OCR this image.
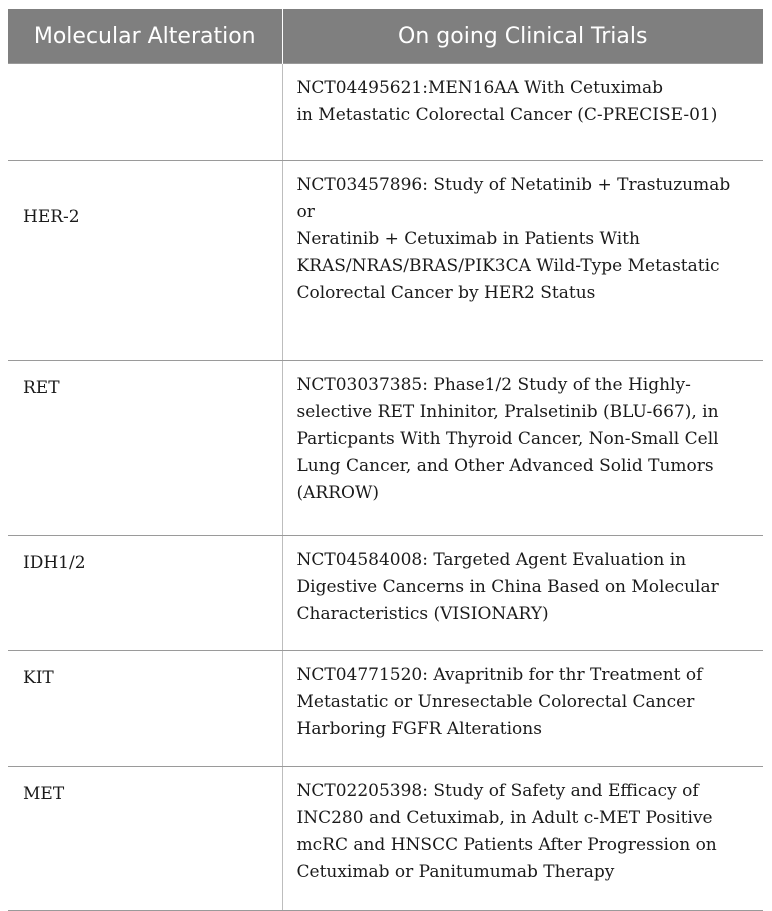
Molecular Alteration	On going Clinical Trials

	NCT04495621:MEN16AA With Cetuximab
in Metastatic Colorectal Cancer (C-PRECISE-01)

HER-2	NCT03457896: Study of Netatinib + Trastuzumab
or
Neratinib + Cetuximab in Patients With
KRAS/NRAS/BRAS/PIK3CA Wild-Type Metastatic
Colorectal Cancer by HER2 Status

RET	NCT03037385: Phase1/2 Study of the Highly-
selective RET Inhinitor, Pralsetinib (BLU-667), in
Particpants With Thyroid Cancer, Non-Small Cell
Lung Cancer, and Other Advanced Solid Tumors
(ARROW)

IDH1/2	NCT04584008: Targeted Agent Evaluation in
Digestive Cancerns in China Based on Molecular
Characteristics (VISIONARY)

KIT	NCT04771520: Avapritnib for thr Treatment of
Metastatic or Unresectable Colorectal Cancer
Harboring FGFR Alterations

MET	NCT02205398: Study of Safety and Efficacy of
INC280 and Cetuximab, in Adult c-MET Positive
mcRC and HNSCC Patients After Progression on
Cetuximab or Panitumumab Therapy
